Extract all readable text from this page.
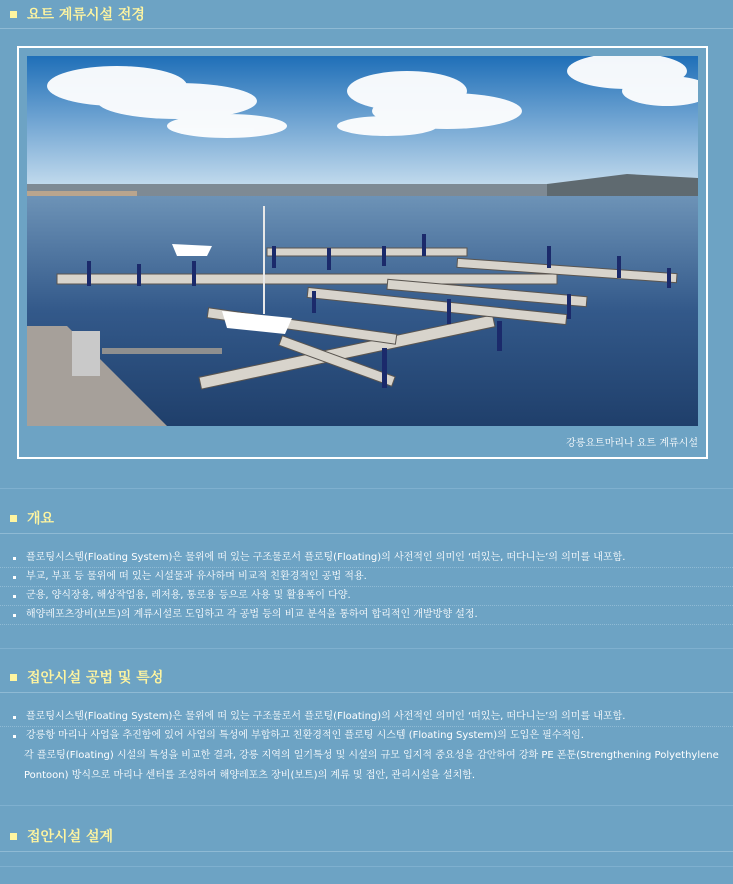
요트 계류시설 전경
강릉요트마리나 요트 계류시설
개요
플로팅시스템(Floating System)은 물위에 떠 있는 구조물로서 플로팅(Floating)의 사전적인 의미인 ‘떠있는, 떠다니는’의 의미를 내포함.
부교, 부표 등 물위에 떠 있는 시설물과 유사하며 비교적 친환경적인 공법 적용.
군용, 양식장용, 해상작업용, 레저용, 통로용 등으로 사용 및 활용폭이 다양.
해양레포츠장비(보트)의 계류시설로 도입하고 각 공법 등의 비교 분석을 통하여 합리적인 개발방향 설정.
접안시설 공법 및 특성
플로팅시스템(Floating System)은 물위에 떠 있는 구조물로서 플로팅(Floating)의 사전적인 의미인 ‘떠있는, 떠다니는’의 의미를 내포함.
강릉항 마리나 사업을 추진함에 있어 사업의 특성에 부합하고 친환경적인 플로팅 시스템 (Floating System)의 도입은 필수적임.
각 플로팅(Floating) 시설의 특성을 비교한 결과, 강릉 지역의 일기특성 및 시설의 규모 입지적 중요성을 감안하여 강화 PE 폰툰(Strengthening Polyethylene Pontoon) 방식으로 마리나 센터를 조성하여 해양레포츠 장비(보트)의 계류 및 접안, 관리시설을 설치함.
접안시설 설계
